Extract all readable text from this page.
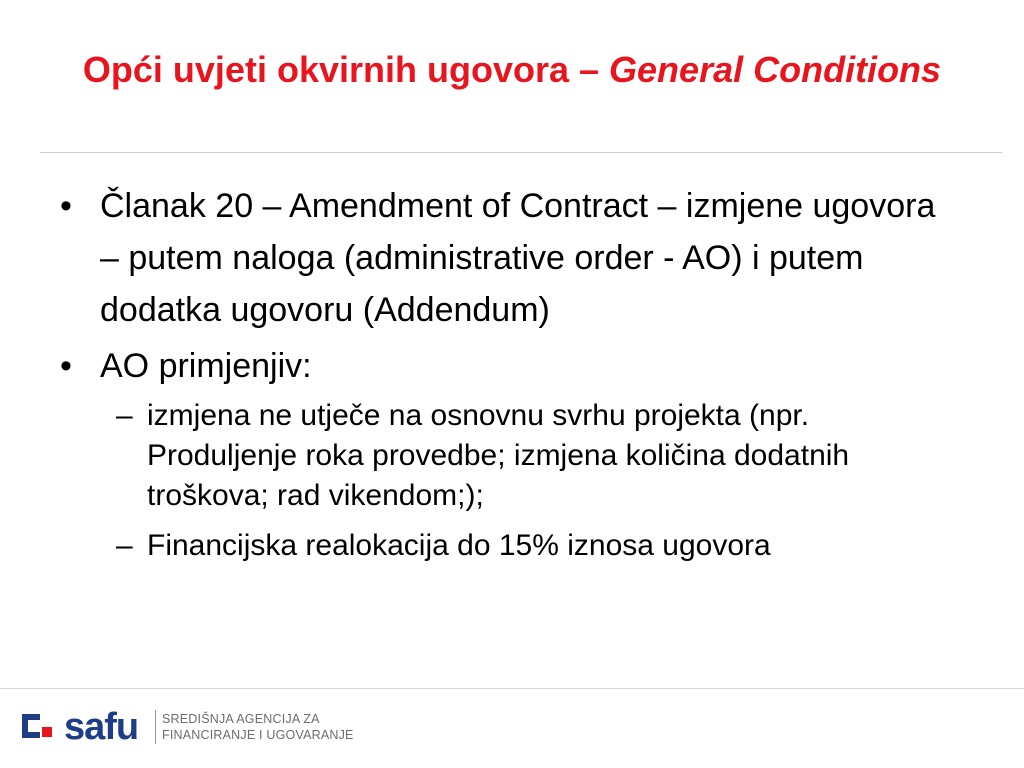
Opći uvjeti okvirnih ugovora – General Conditions
• Članak 20 – Amendment of Contract – izmjene ugovora – putem naloga (administrative order - AO) i putem dodatka ugovoru (Addendum)
• AO primjenjiv:
– izmjena ne utječe na osnovnu svrhu projekta (npr. Produljenje roka provedbe; izmjena količina dodatnih troškova; rad vikendom;);
– Financijska realokacija do 15% iznosa ugovora
safu SREDIŠNJA AGENCIJA ZA
FINANCIRANJE I UGOVARANJE
